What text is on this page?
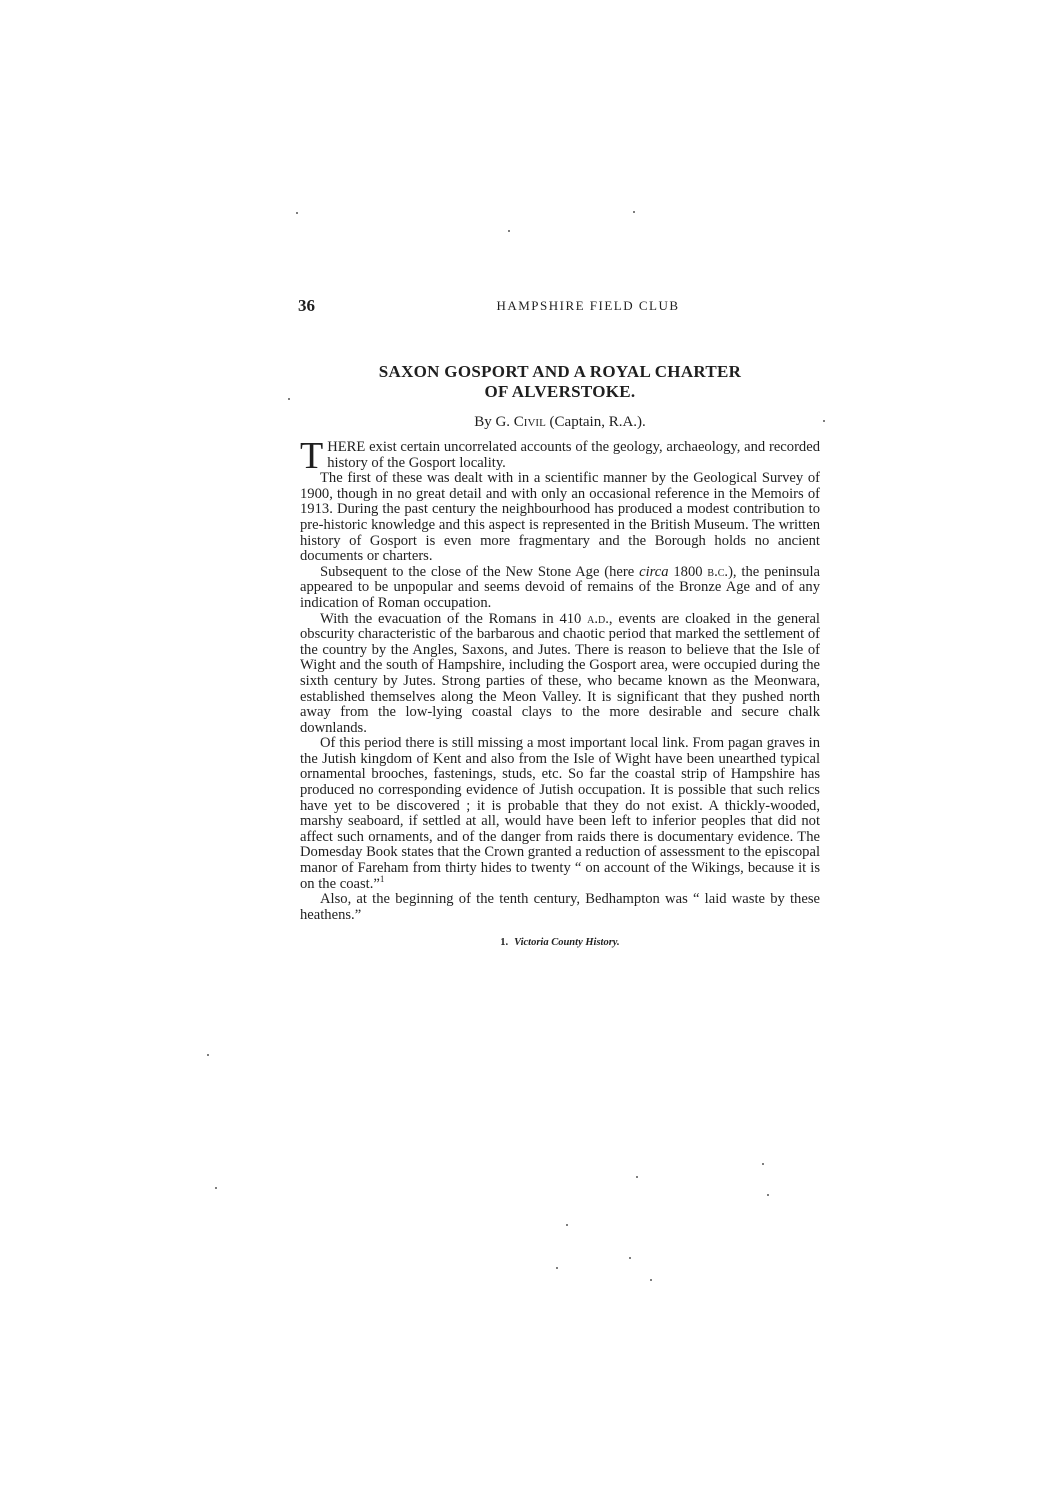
36	HAMPSHIRE FIELD CLUB
SAXON GOSPORT AND A ROYAL CHARTER
OF ALVERSTOKE.
By G. Civil (Captain, R.A.).

THERE exist certain uncorrelated accounts of the geology, archaeology, and recorded history of the Gosport locality.

The first of these was dealt with in a scientific manner by the Geological Survey of 1900, though in no great detail and with only an occasional reference in the Memoirs of 1913. During the past century the neighbourhood has produced a modest contribution to pre-historic knowledge and this aspect is represented in the British Museum. The written history of Gosport is even more fragmentary and the Borough holds no ancient documents or charters.

Subsequent to the close of the New Stone Age (here circa 1800 b.c.), the peninsula appeared to be unpopular and seems devoid of remains of the Bronze Age and of any indication of Roman occupation.

With the evacuation of the Romans in 410 a.d., events are cloaked in the general obscurity characteristic of the barbarous and chaotic period that marked the settlement of the country by the Angles, Saxons, and Jutes. There is reason to believe that the Isle of Wight and the south of Hampshire, including the Gosport area, were occupied during the sixth century by Jutes. Strong parties of these, who became known as the Meonwara, established themselves along the Meon Valley. It is significant that they pushed north away from the low-lying coastal clays to the more desirable and secure chalk downlands.

Of this period there is still missing a most important local link. From pagan graves in the Jutish kingdom of Kent and also from the Isle of Wight have been unearthed typical ornamental brooches, fastenings, studs, etc. So far the coastal strip of Hampshire has produced no corresponding evidence of Jutish occupation. It is possible that such relics have yet to be discovered ; it is probable that they do not exist. A thickly-wooded, marshy seaboard, if settled at all, would have been left to inferior peoples that did not affect such ornaments, and of the danger from raids there is documentary evidence. The Domesday Book states that the Crown granted a reduction of assessment to the episcopal manor of Fareham from thirty hides to twenty “ on account of the Wikings, because it is on the coast.”$^1$

Also, at the beginning of the tenth century, Bedhampton was “ laid waste by these heathens.”

1. Victoria County History.
